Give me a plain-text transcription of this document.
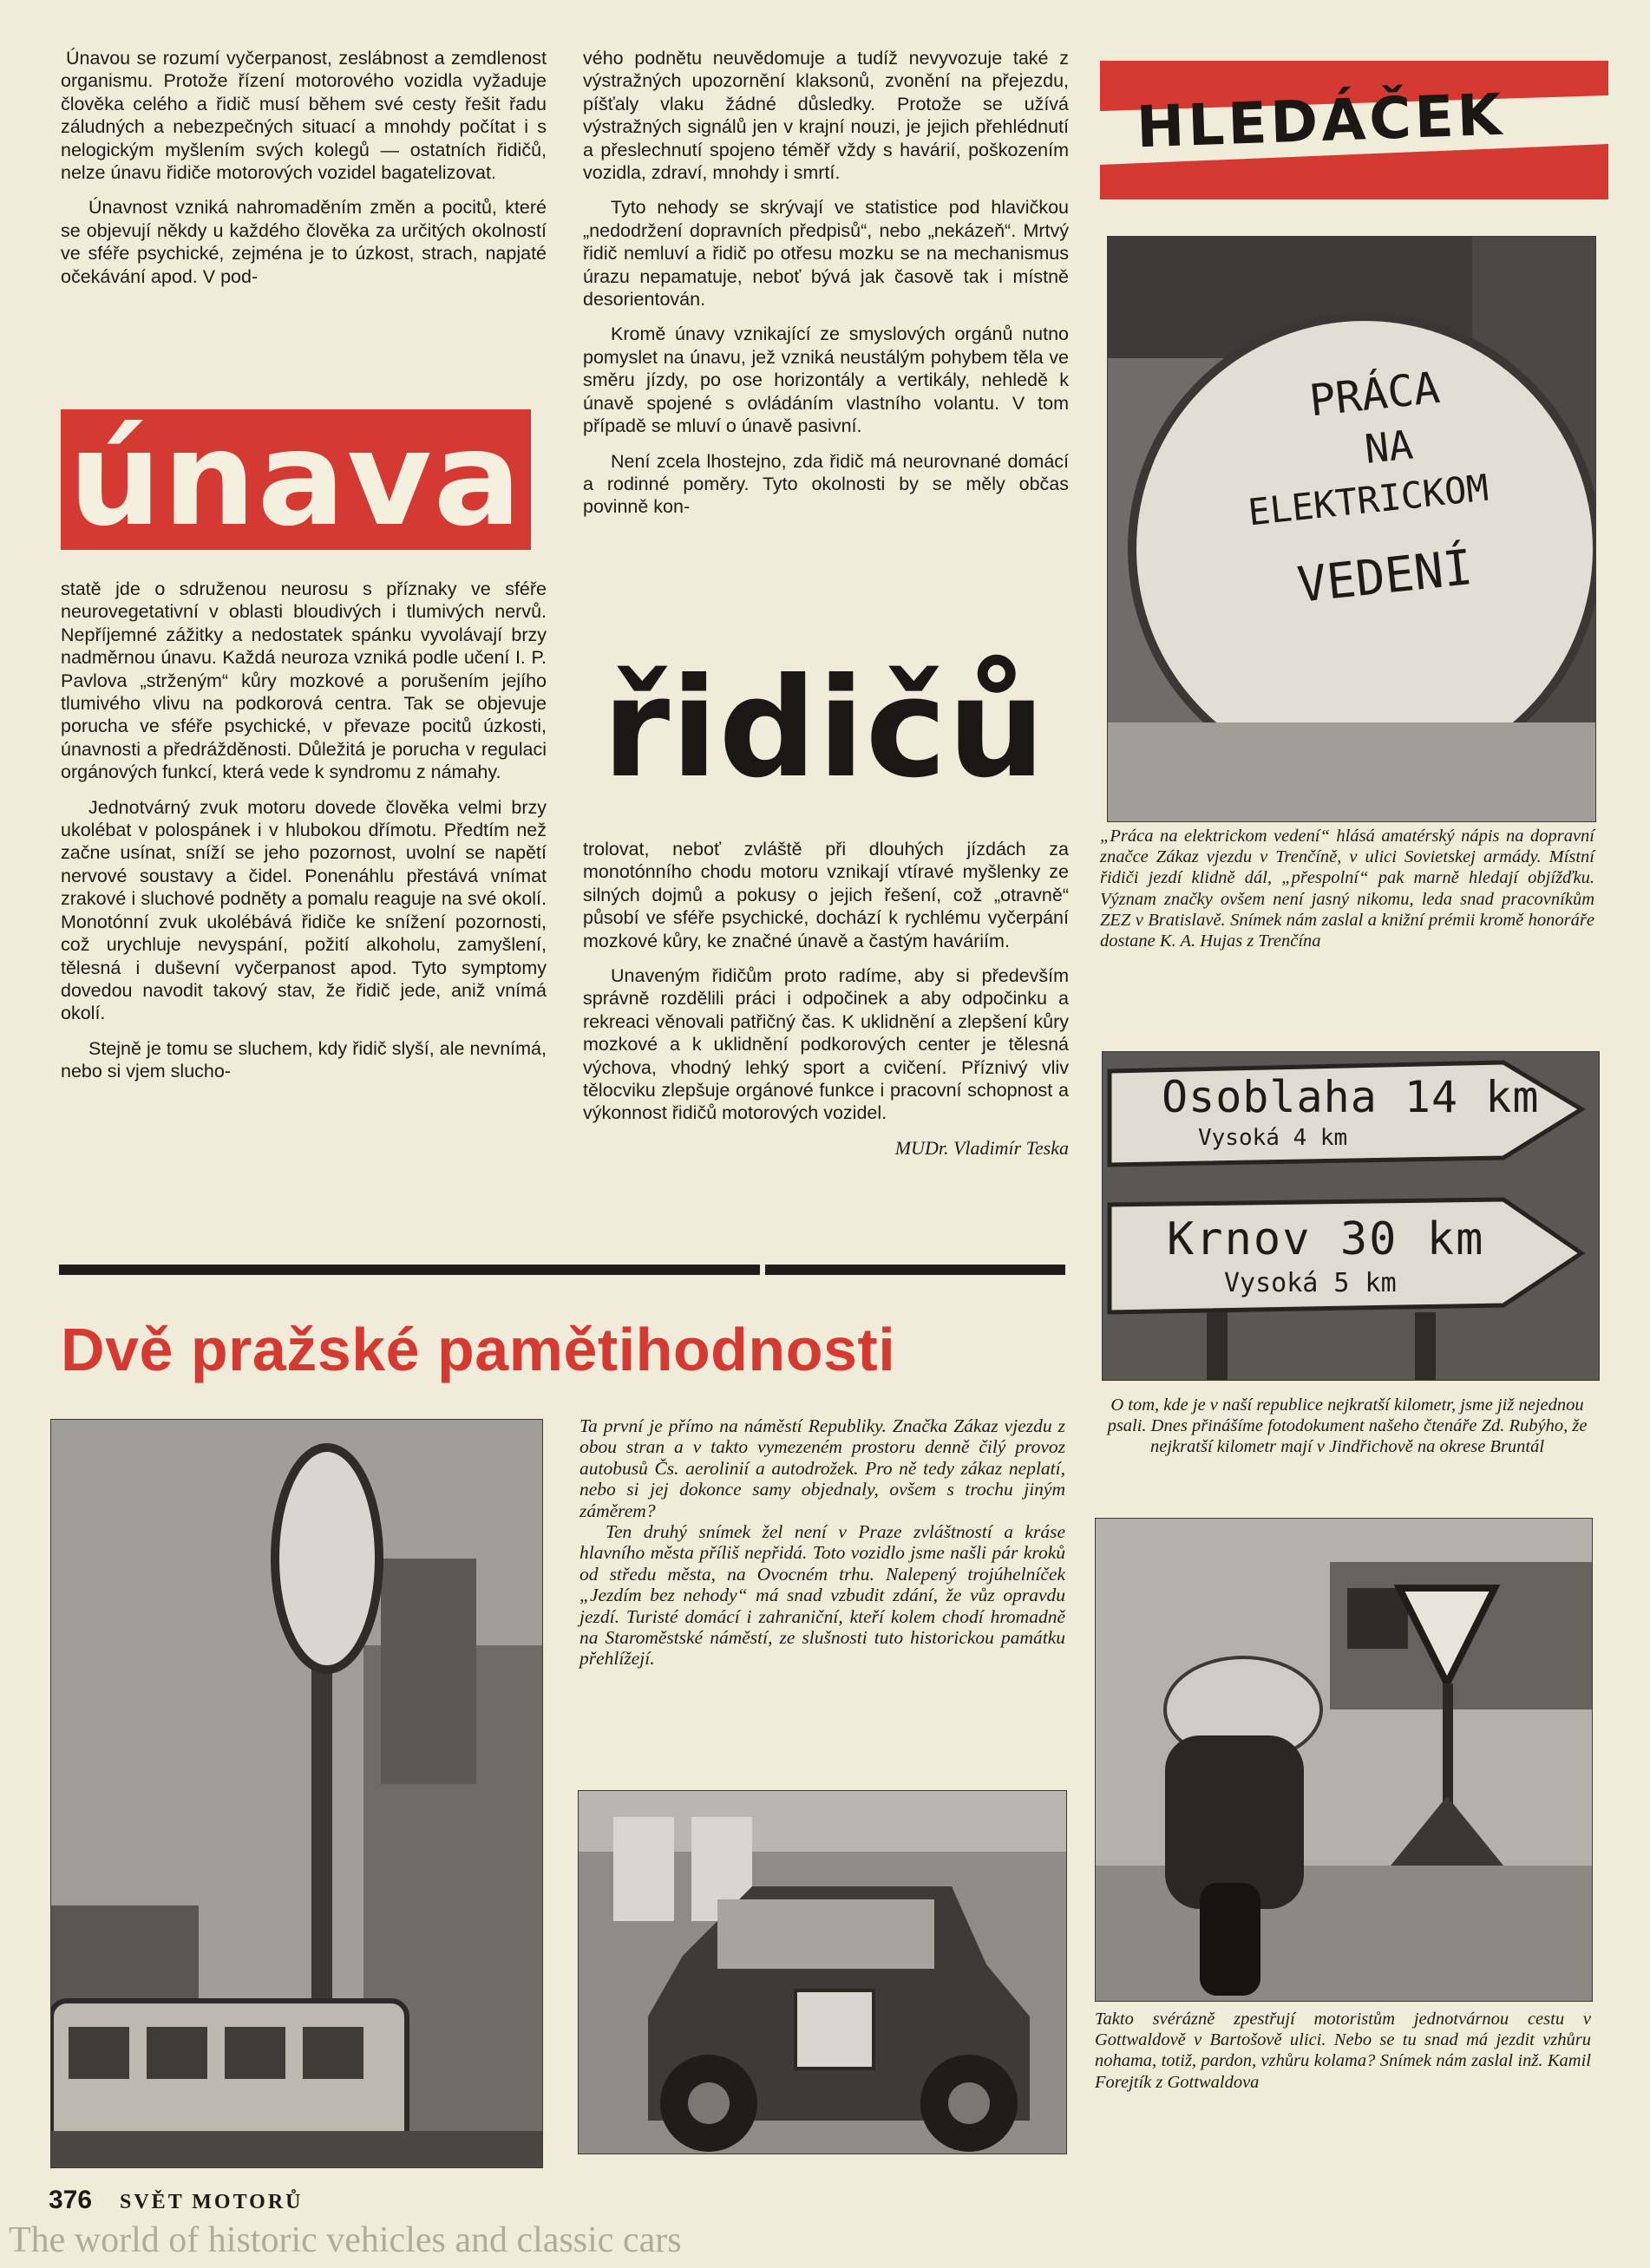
Únavou se rozumí vyčerpanost, zeslábnost a zemdlenost organismu. Protože řízení motorového vozidla vyžaduje člověka celého a řidič musí během své cesty řešit řadu záludných a nebezpečných situací a mnohdy počítat i s nelogickým myšlením svých kolegů — ostatních řidičů, nelze únavu řidiče motorových vozidel bagatelizovat.

Únavnost vzniká nahromaděním změn a pocitů, které se objevují někdy u každého člověka za určitých okolností ve sféře psychické, zejména je to úzkost, strach, napjaté očekávání apod. V pod-

únava

statě jde o sdruženou neurosu s příznaky ve sféře neurovegetativní v oblasti bloudivých i tlumivých nervů. Nepříjemné zážitky a nedostatek spánku vyvolávají brzy nadměrnou únavu. Každá neuroza vzniká podle učení I. P. Pavlova „strženým“ kůry mozkové a porušením jejího tlumivého vlivu na podkorová centra. Tak se objevuje porucha ve sféře psychické, v převaze pocitů úzkosti, únavnosti a předrážděnosti. Důležitá je porucha v regulaci orgánových funkcí, která vede k syndromu z námahy.

Jednotvárný zvuk motoru dovede člověka velmi brzy ukolébat v polospánek i v hlubokou dřímotu. Předtím než začne usínat, sníží se jeho pozornost, uvolní se napětí nervové soustavy a čidel. Ponenáhlu přestává vnímat zrakové i sluchové podněty a pomalu reaguje na své okolí. Monotónní zvuk ukolébává řidiče ke snížení pozornosti, což urychluje nevyspání, požití alkoholu, zamyšlení, tělesná i duševní vyčerpanost apod. Tyto symptomy dovedou navodit takový stav, že řidič jede, aniž vnímá okolí.

Stejně je tomu se sluchem, kdy řidič slyší, ale nevnímá, nebo si vjem slucho-

vého podnětu neuvědomuje a tudíž nevyvozuje také z výstražných upozornění klaksonů, zvonění na přejezdu, píšťaly vlaku žádné důsledky. Protože se užívá výstražných signálů jen v krajní nouzi, je jejich přehlédnutí a přeslechnutí spojeno téměř vždy s havárií, poškozením vozidla, zdraví, mnohdy i smrtí.

Tyto nehody se skrývají ve statistice pod hlavičkou „nedodržení dopravních předpisů“, nebo „nekázeň“. Mrtvý řidič nemluví a řidič po otřesu mozku se na mechanismus úrazu nepamatuje, neboť bývá jak časově tak i místně desorientován.

Kromě únavy vznikající ze smyslových orgánů nutno pomyslet na únavu, jež vzniká neustálým pohybem těla ve směru jízdy, po ose horizontály a vertikály, nehledě k únavě spojené s ovládáním vlastního volantu. V tom případě se mluví o únavě pasivní.

Není zcela lhostejno, zda řidič má neurovnané domácí a rodinné poměry. Tyto okolnosti by se měly občas povinně kon-

řidičů

trolovat, neboť zvláště při dlouhých jízdách za monotónního chodu motoru vznikají vtíravé myšlenky ze silných dojmů a pokusy o jejich řešení, což „otravně“ působí ve sféře psychické, dochází k rychlému vyčerpání mozkové kůry, ke značné únavě a častým haváriím.

Unaveným řidičům proto radíme, aby si především správně rozdělili práci i odpočinek a aby odpočinku a rekreaci věnovali patřičný čas. K uklidnění a zlepšení kůry mozkové a k uklidnění podkorových center je tělesná výchova, vhodný lehký sport a cvičení. Příznivý vliv tělocviku zlepšuje orgánové funkce i pracovní schopnost a výkonnost řidičů motorových vozidel.

MUDr. Vladimír Teska

Dvě pražské pamětihodnosti

Ta první je přímo na náměstí Republiky. Značka Zákaz vjezdu z obou stran a v takto vymezeném prostoru denně čilý provoz autobusů Čs. aerolinií a autodrožek. Pro ně tedy zákaz neplatí, nebo si jej dokonce samy objednaly, ovšem s trochu jiným záměrem?

Ten druhý snímek žel není v Praze zvláštností a kráse hlavního města příliš nepřidá. Toto vozidlo jsme našli pár kroků od středu města, na Ovocném trhu. Nalepený trojúhelníček „Jezdím bez nehody“ má snad vzbudit zdání, že vůz opravdu jezdí. Turisté domácí i zahraniční, kteří kolem chodí hromadně na Staroměstské náměstí, ze slušnosti tuto historickou památku přehlížejí.

HLEDÁČEK
PRÁCA
NA
ELEKTRICKOM
VEDENÍ
„Práca na elektrickom vedení“ hlásá amatérský nápis na dopravní značce Zákaz vjezdu v Trenčíně, v ulici Sovietskej armády. Místní řidiči jezdí klidně dál, „přespolní“ pak marně hledají objížďku. Význam značky ovšem není jasný nikomu, leda snad pracovníkům ZEZ v Bratislavě. Snímek nám zaslal a knižní prémii kromě honoráře dostane K. A. Hujas z Trenčína
Osoblaha 14 km
Vysoká 4 km
Krnov 30 km
Vysoká 5 km
O tom, kde je v naší republice nejkratší kilometr, jsme již nejednou psali. Dnes přinášíme fotodokument našeho čtenáře Zd. Rubýho, že nejkratší kilometr mají v Jindřichově na okrese Bruntál
Takto svérázně zpestřují motoristům jednotvárnou cestu v Gottwaldově v Bartošově ulici. Nebo se tu snad má jezdit vzhůru nohama, totiž, pardon, vzhůru kolama? Snímek nám zaslal inž. Kamil Forejtík z Gottwaldova
376 SVĚT MOTORŮ
The world of historic vehicles and classic cars
